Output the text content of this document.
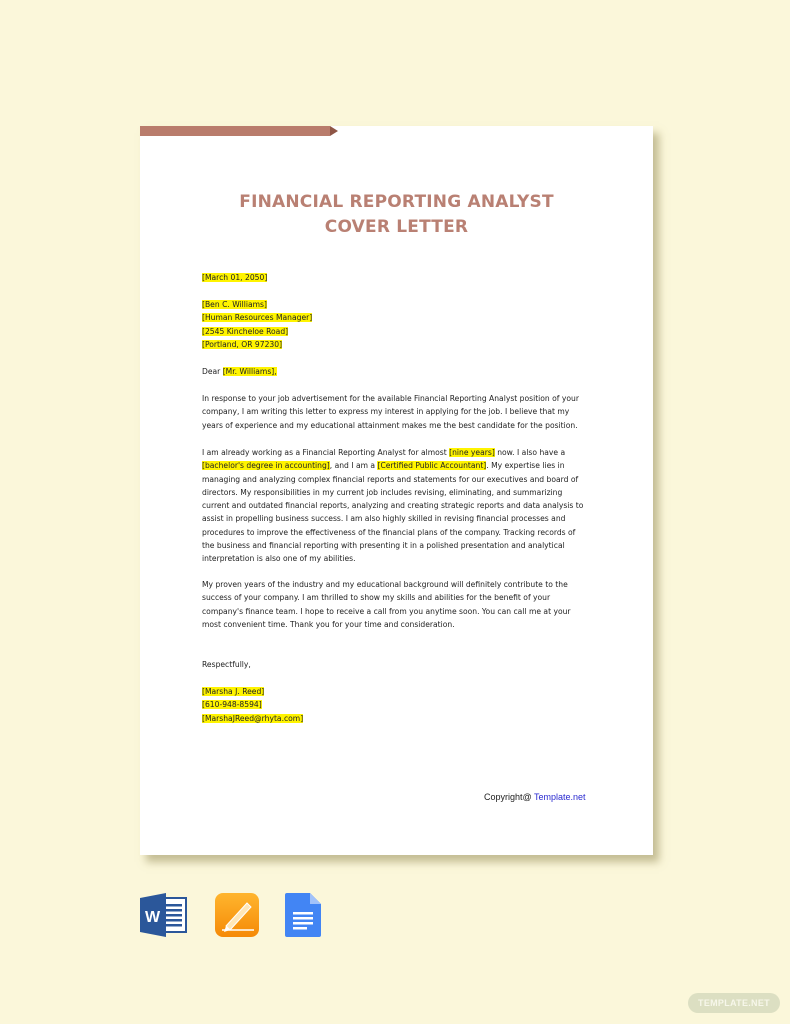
FINANCIAL REPORTING ANALYST
COVER LETTER
[March 01, 2050]
[Ben C. Williams]
[Human Resources Manager]
[2545 Kincheloe Road]
[Portland, OR 97230]
Dear [Mr. Williams],
In response to your job advertisement for the available Financial Reporting Analyst position of your
company, I am writing this letter to express my interest in applying for the job. I believe that my
years of experience and my educational attainment makes me the best candidate for the position.
I am already working as a Financial Reporting Analyst for almost [nine years] now. I also have a
[bachelor's degree in accounting], and I am a [Certified Public Accountant]. My expertise lies in
managing and analyzing complex financial reports and statements for our executives and board of
directors. My responsibilities in my current job includes revising, eliminating, and summarizing
current and outdated financial reports, analyzing and creating strategic reports and data analysis to
assist in propelling business success. I am also highly skilled in revising financial processes and
procedures to improve the effectiveness of the financial plans of the company. Tracking records of
the business and financial reporting with presenting it in a polished presentation and analytical
interpretation is also one of my abilities.
My proven years of the industry and my educational background will definitely contribute to the
success of your company. I am thrilled to show my skills and abilities for the benefit of your
company's finance team. I hope to receive a call from you anytime soon. You can call me at your
most convenient time. Thank you for your time and consideration.
Respectfully,
[Marsha J. Reed]
[610-948-8594]
[MarshaJReed@rhyta.com]
Copyright@ Template.net
W
TEMPLATE.NET
